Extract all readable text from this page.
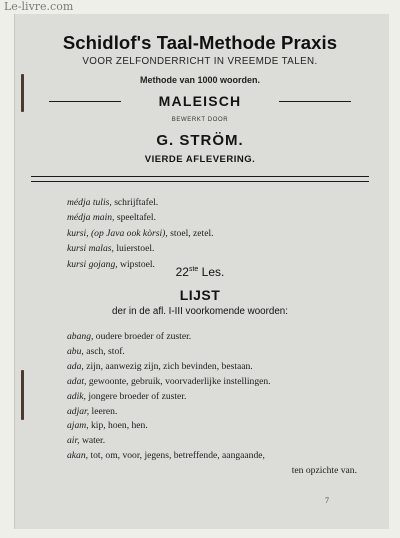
Le-livre.com
Schidlof's Taal-Methode Praxis
VOOR ZELFONDERRICHT IN VREEMDE TALEN.
Methode van 1000 woorden.
MALEISCH
BEWERKT DOOR
G. STRÖM.
VIERDE AFLEVERING.
médja tulis, schrijftafel.
médja main, speeltafel.
kursi, (op Java ook kòrsi), stoel, zetel.
kursi malas, luierstoel.
kursi gojang, wipstoel.
22ste Les.
LIJST
der in de afl. I-III voorkomende woorden:
abang, oudere broeder of zuster.
abu, asch, stof.
ada, zijn, aanwezig zijn, zich bevinden, bestaan.
adat, gewoonte, gebruik, voorvaderlijke instellingen.
adik, jongere broeder of zuster.
adjar, leeren.
ajam, kip, hoen, hen.
air, water.
akan, tot, om, voor, jegens, betreffende, aangaande,
ten opzichte van.
7
